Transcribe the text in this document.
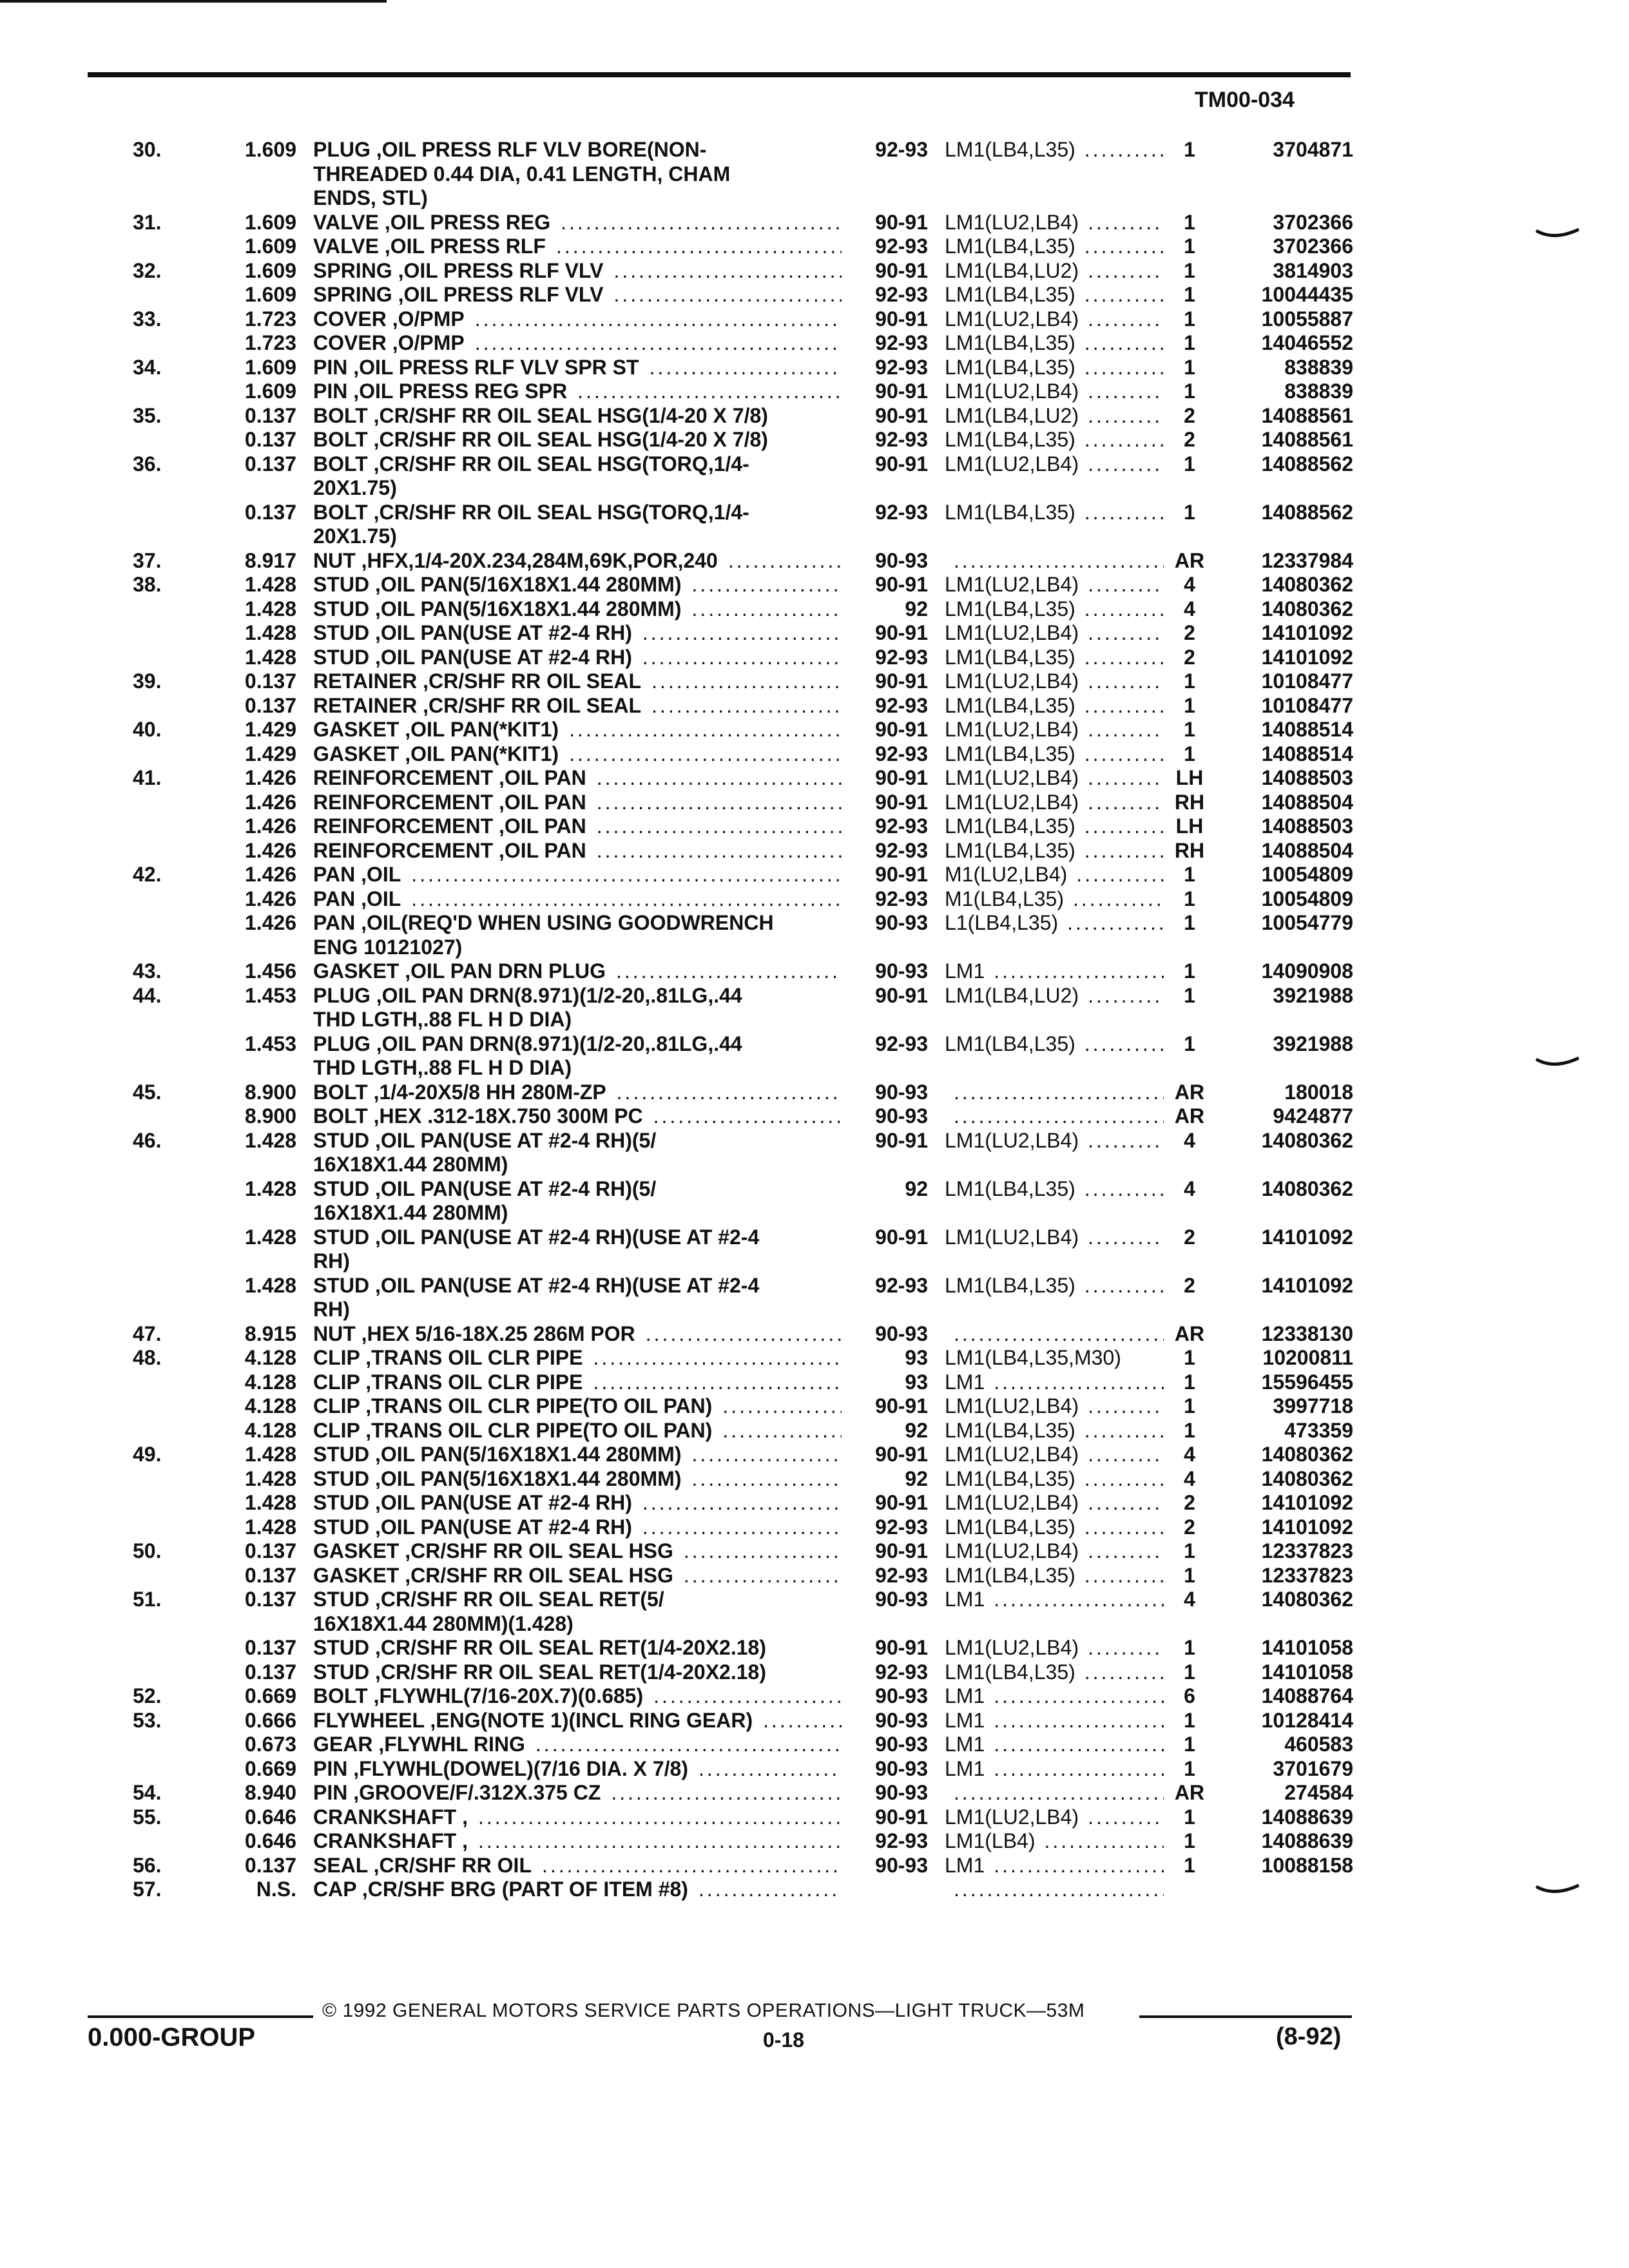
TM00-034
30.	1.609 PLUG ,OIL PRESS RLF VLV BORE(NON-	92-93 LM1(LB4,L35) .....	1	3704871
THREADED 0.44 DIA, 0.41 LENGTH, CHAM
ENDS, STL)
31.	1.609 VALVE ,OIL PRESS REG .....	90-91 LM1(LU2,LB4) .....	1	3702366
1.609 VALVE ,OIL PRESS RLF .....	92-93 LM1(LB4,L35) .....	1	3702366
32.	1.609 SPRING ,OIL PRESS RLF VLV .....	90-91 LM1(LB4,LU2) .....	1	3814903
1.609 SPRING ,OIL PRESS RLF VLV .....	92-93 LM1(LB4,L35) .....	1	10044435
33.	1.723 COVER ,O/PMP .....	90-91 LM1(LU2,LB4) .....	1	10055887
1.723 COVER ,O/PMP .....	92-93 LM1(LB4,L35) .....	1	14046552
34.	1.609 PIN ,OIL PRESS RLF VLV SPR ST .....	92-93 LM1(LB4,L35) .....	1	838839
1.609 PIN ,OIL PRESS REG SPR .....	90-91 LM1(LU2,LB4) .....	1	838839
35.	0.137 BOLT ,CR/SHF RR OIL SEAL HSG(1/4-20 X 7/8)	90-91 LM1(LB4,LU2) .....	2	14088561
0.137 BOLT ,CR/SHF RR OIL SEAL HSG(1/4-20 X 7/8)	92-93 LM1(LB4,L35) .....	2	14088561
36.	0.137 BOLT ,CR/SHF RR OIL SEAL HSG(TORQ,1/4-	90-91 LM1(LU2,LB4) .....	1	14088562
20X1.75)
0.137 BOLT ,CR/SHF RR OIL SEAL HSG(TORQ,1/4-	92-93 LM1(LB4,L35) .....	1	14088562
20X1.75)
37.	8.917 NUT ,HFX,1/4-20X.234,284M,69K,POR,240 .....	90-93 .....	AR	12337984
38.	1.428 STUD ,OIL PAN(5/16X18X1.44 280MM) .....	90-91 LM1(LU2,LB4) .....	4	14080362
1.428 STUD ,OIL PAN(5/16X18X1.44 280MM) .....	92 LM1(LB4,L35) .....	4	14080362
1.428 STUD ,OIL PAN(USE AT #2-4 RH) .....	90-91 LM1(LU2,LB4) .....	2	14101092
1.428 STUD ,OIL PAN(USE AT #2-4 RH) .....	92-93 LM1(LB4,L35) .....	2	14101092
39.	0.137 RETAINER ,CR/SHF RR OIL SEAL .....	90-91 LM1(LU2,LB4) .....	1	10108477
0.137 RETAINER ,CR/SHF RR OIL SEAL .....	92-93 LM1(LB4,L35) .....	1	10108477
40.	1.429 GASKET ,OIL PAN(*KIT1) .....	90-91 LM1(LU2,LB4) .....	1	14088514
1.429 GASKET ,OIL PAN(*KIT1) .....	92-93 LM1(LB4,L35) .....	1	14088514
41.	1.426 REINFORCEMENT ,OIL PAN .....	90-91 LM1(LU2,LB4) .....	LH	14088503
1.426 REINFORCEMENT ,OIL PAN .....	90-91 LM1(LU2,LB4) .....	RH	14088504
1.426 REINFORCEMENT ,OIL PAN .....	92-93 LM1(LB4,L35) .....	LH	14088503
1.426 REINFORCEMENT ,OIL PAN .....	92-93 LM1(LB4,L35) .....	RH	14088504
42.	1.426 PAN ,OIL .....	90-91 M1(LU2,LB4) .....	1	10054809
1.426 PAN ,OIL .....	92-93 M1(LB4,L35) .....	1	10054809
1.426 PAN ,OIL(REQ'D WHEN USING GOODWRENCH	90-93 L1(LB4,L35) .....	1	10054779
ENG 10121027)
43.	1.456 GASKET ,OIL PAN DRN PLUG .....	90-93 LM1 .....	1	14090908
44.	1.453 PLUG ,OIL PAN DRN(8.971)(1/2-20,.81LG,.44	90-91 LM1(LB4,LU2) .....	1	3921988
THD LGTH,.88 FL H D DIA)
1.453 PLUG ,OIL PAN DRN(8.971)(1/2-20,.81LG,.44	92-93 LM1(LB4,L35) .....	1	3921988
THD LGTH,.88 FL H D DIA)
45.	8.900 BOLT ,1/4-20X5/8 HH 280M-ZP .....	90-93 .....	AR	180018
8.900 BOLT ,HEX .312-18X.750 300M PC .....	90-93 .....	AR	9424877
46.	1.428 STUD ,OIL PAN(USE AT #2-4 RH)(5/	90-91 LM1(LU2,LB4) .....	4	14080362
16X18X1.44 280MM)
1.428 STUD ,OIL PAN(USE AT #2-4 RH)(5/	92 LM1(LB4,L35) .....	4	14080362
16X18X1.44 280MM)
1.428 STUD ,OIL PAN(USE AT #2-4 RH)(USE AT #2-4	90-91 LM1(LU2,LB4) .....	2	14101092
RH)
1.428 STUD ,OIL PAN(USE AT #2-4 RH)(USE AT #2-4	92-93 LM1(LB4,L35) .....	2	14101092
RH)
47.	8.915 NUT ,HEX 5/16-18X.25 286M POR .....	90-93 .....	AR	12338130
48.	4.128 CLIP ,TRANS OIL CLR PIPE .....	93 LM1(LB4,L35,M30)	1	10200811
4.128 CLIP ,TRANS OIL CLR PIPE .....	93 LM1 .....	1	15596455
4.128 CLIP ,TRANS OIL CLR PIPE(TO OIL PAN) .....	90-91 LM1(LU2,LB4) .....	1	3997718
4.128 CLIP ,TRANS OIL CLR PIPE(TO OIL PAN) .....	92 LM1(LB4,L35) .....	1	473359
49.	1.428 STUD ,OIL PAN(5/16X18X1.44 280MM) .....	90-91 LM1(LU2,LB4) .....	4	14080362
1.428 STUD ,OIL PAN(5/16X18X1.44 280MM) .....	92 LM1(LB4,L35) .....	4	14080362
1.428 STUD ,OIL PAN(USE AT #2-4 RH) .....	90-91 LM1(LU2,LB4) .....	2	14101092
1.428 STUD ,OIL PAN(USE AT #2-4 RH) .....	92-93 LM1(LB4,L35) .....	2	14101092
50.	0.137 GASKET ,CR/SHF RR OIL SEAL HSG .....	90-91 LM1(LU2,LB4) .....	1	12337823
0.137 GASKET ,CR/SHF RR OIL SEAL HSG .....	92-93 LM1(LB4,L35) .....	1	12337823
51.	0.137 STUD ,CR/SHF RR OIL SEAL RET(5/	90-93 LM1 .....	4	14080362
16X18X1.44 280MM)(1.428)
0.137 STUD ,CR/SHF RR OIL SEAL RET(1/4-20X2.18)	90-91 LM1(LU2,LB4) .....	1	14101058
0.137 STUD ,CR/SHF RR OIL SEAL RET(1/4-20X2.18)	92-93 LM1(LB4,L35) .....	1	14101058
52.	0.669 BOLT ,FLYWHL(7/16-20X.7)(0.685) .....	90-93 LM1 .....	6	14088764
53.	0.666 FLYWHEEL ,ENG(NOTE 1)(INCL RING GEAR) .....	90-93 LM1 .....	1	10128414
0.673 GEAR ,FLYWHL RING .....	90-93 LM1 .....	1	460583
0.669 PIN ,FLYWHL(DOWEL)(7/16 DIA. X 7/8) .....	90-93 LM1 .....	1	3701679
54.	8.940 PIN ,GROOVE/F/.312X.375 CZ .....	90-93 .....	AR	274584
55.	0.646 CRANKSHAFT , .....	90-91 LM1(LU2,LB4) .....	1	14088639
0.646 CRANKSHAFT , .....	92-93 LM1(LB4) .....	1	14088639
56.	0.137 SEAL ,CR/SHF RR OIL .....	90-93 LM1 .....	1	10088158
57.	N.S. CAP ,CR/SHF BRG (PART OF ITEM #8)
.....
.....
© 1992 GENERAL MOTORS SERVICE PARTS OPERATIONS—LIGHT TRUCK—53M
0.000-GROUP	0-18	(8-92)
